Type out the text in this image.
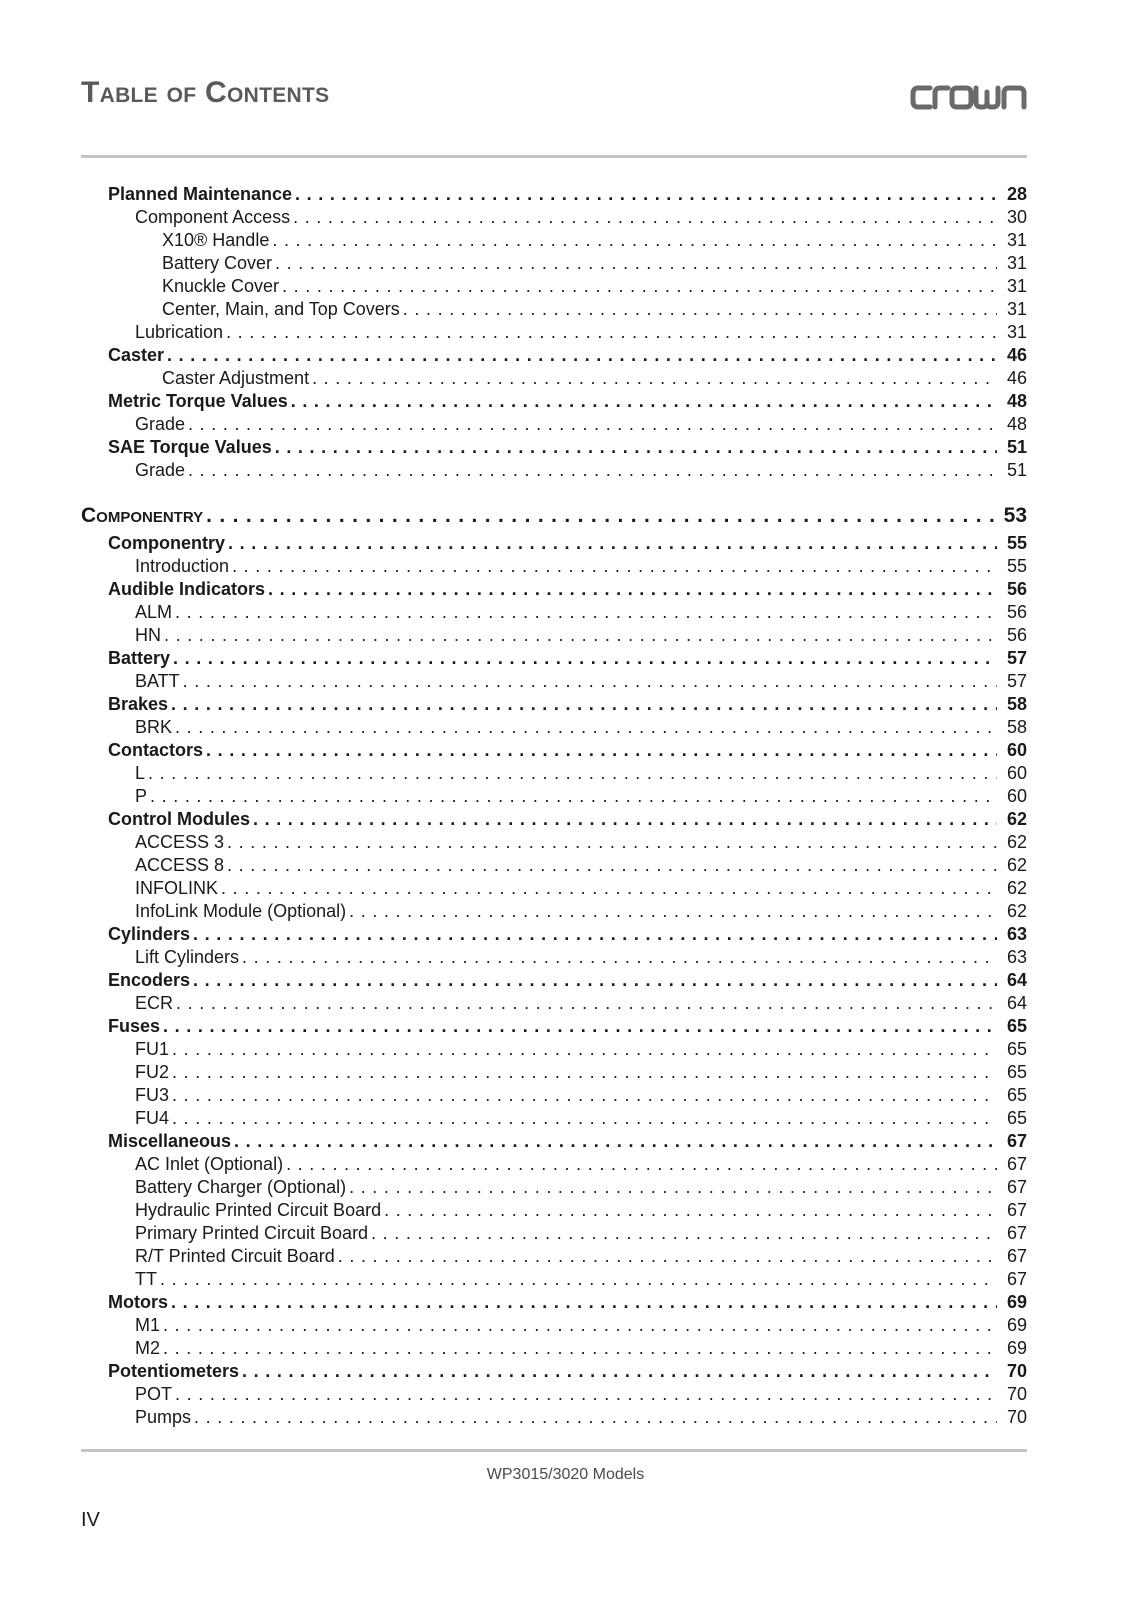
Table of Contents
Planned Maintenance . . .	28
Component Access . . .	30
X10® Handle . . .	31
Battery Cover . . .	31
Knuckle Cover . . .	31
Center, Main, and Top Covers . . .	31
Lubrication . . .	31
Caster . . .	46
Caster Adjustment . . .	46
Metric Torque Values . . .	48
Grade . . .	48
SAE Torque Values . . .	51
Grade . . .	51
Componentry . . .	53
Componentry . . .	55
Introduction . . .	55
Audible Indicators . . .	56
ALM . . .	56
HN . . .	56
Battery . . .	57
BATT . . .	57
Brakes . . .	58
BRK . . .	58
Contactors . . .	60
L . . .	60
P . . .	60
Control Modules . . .	62
ACCESS 3 . . .	62
ACCESS 8 . . .	62
INFOLINK . . .	62
InfoLink Module (Optional) . . .	62
Cylinders . . .	63
Lift Cylinders . . .	63
Encoders . . .	64
ECR . . .	64
Fuses . . .	65
FU1 . . .	65
FU2 . . .	65
FU3 . . .	65
FU4 . . .	65
Miscellaneous . . .	67
AC Inlet (Optional) . . .	67
Battery Charger (Optional) . . .	67
Hydraulic Printed Circuit Board . . .	67
Primary Printed Circuit Board . . .	67
R/T Printed Circuit Board . . .	67
TT . . .	67
Motors . . .	69
M1 . . .	69
M2 . . .	69
Potentiometers . . .	70
POT . . .	70
Pumps . . .	70
WP3015/3020 Models
IV
